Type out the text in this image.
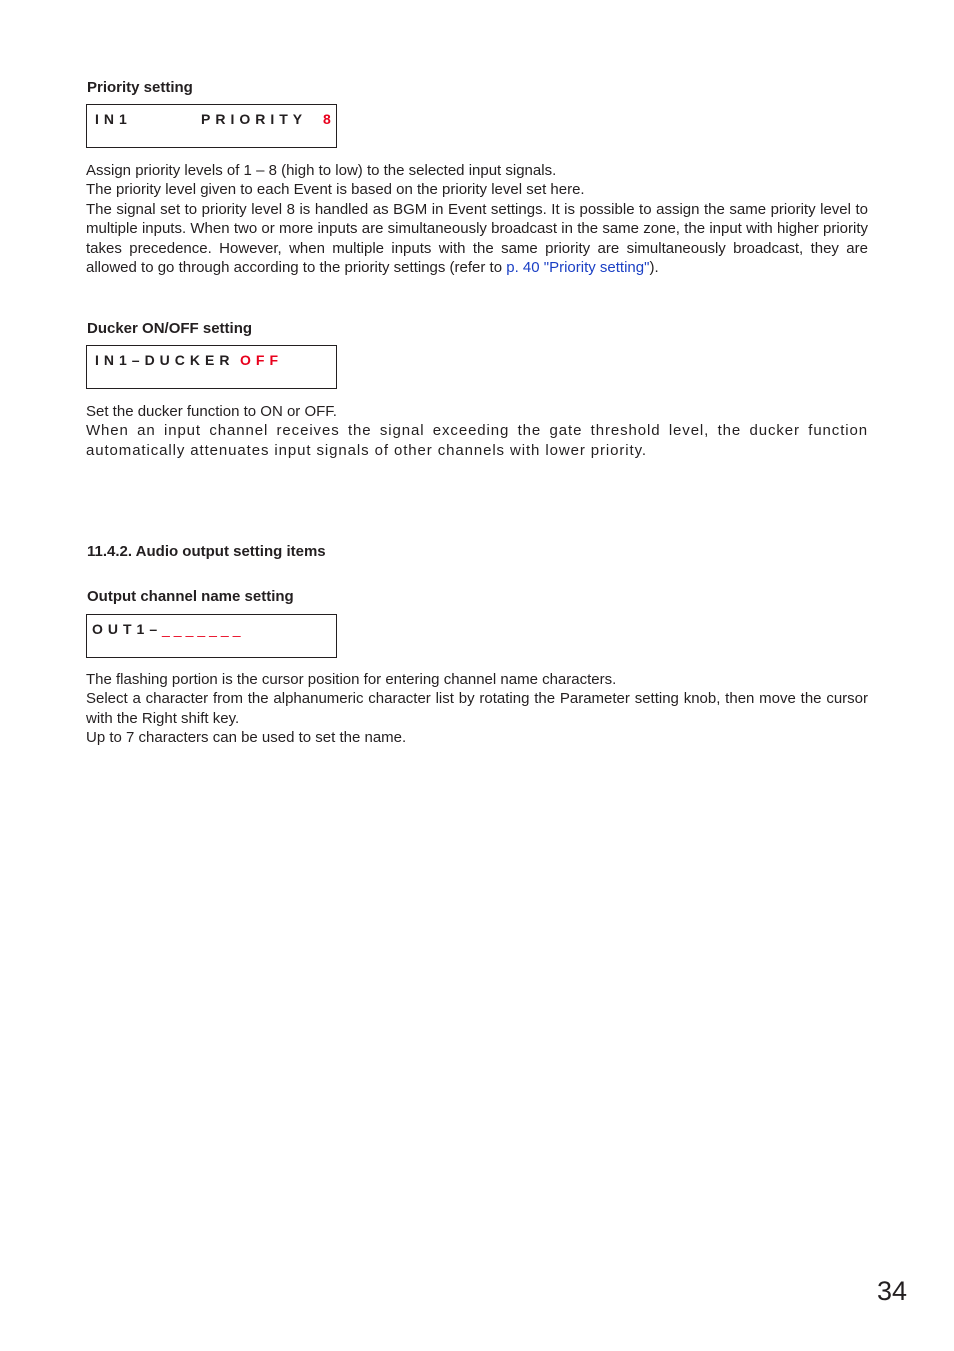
Priority setting
IN1	PRIORITY 8

Assign priority levels of 1 – 8 (high to low) to the selected input signals.

The priority level given to each Event is based on the priority level set here.

The signal set to priority level 8 is handled as BGM in Event settings. It is possible to assign the same priority level to multiple inputs. When two or more inputs are simultaneously broadcast in the same zone, the input with higher priority takes precedence. However, when multiple inputs with the same priority are simultaneously broadcast, they are allowed to go through according to the priority settings (refer to p. 40 "Priority setting").

Ducker ON/OFF setting
IN1–DUCKER OFF

Set the ducker function to ON or OFF.

When an input channel receives the signal exceeding the gate threshold level, the ducker function automatically attenuates input signals of other channels with lower priority.

11.4.2. Audio output setting items
Output channel name setting
OUT1– _______

The flashing portion is the cursor position for entering channel name characters.

Select a character from the alphanumeric character list by rotating the Parameter setting knob, then move the cursor with the Right shift key.

Up to 7 characters can be used to set the name.

34
